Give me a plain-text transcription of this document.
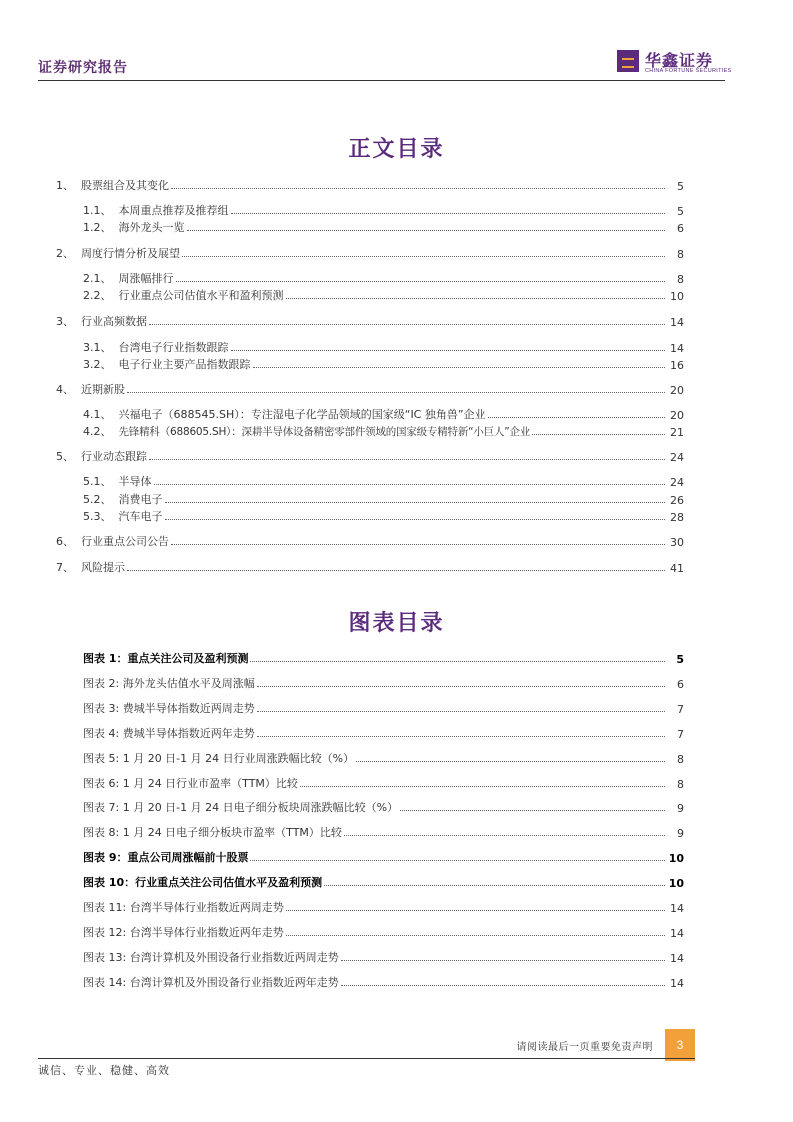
证券研究报告	华鑫证券
CHINA FORTUNE SECURITIES
正文目录
1、 股票组合及其变化	5
1.1、 本周重点推荐及推荐组	5
1.2、 海外龙头一览	6
2、 周度行情分析及展望	8
2.1、 周涨幅排行	8
2.2、 行业重点公司估值水平和盈利预测	10
3、 行业高频数据	14
3.1、 台湾电子行业指数跟踪	14
3.2、 电子行业主要产品指数跟踪	16
4、 近期新股	20
4.1、 兴福电子（688545.SH）：专注湿电子化学品领域的国家级“IC 独角兽”企业	20
4.2、 先锋精科（688605.SH）：深耕半导体设备精密零部件领域的国家级专精特新“小巨人”企业	21
5、 行业动态跟踪	24
5.1、 半导体	24
5.2、 消费电子	26
5.3、 汽车电子	28
6、 行业重点公司公告	30
7、 风险提示	41
图表目录
图表 1：重点关注公司及盈利预测	5
图表 2: 海外龙头估值水平及周涨幅	6
图表 3: 费城半导体指数近两周走势	7
图表 4: 费城半导体指数近两年走势	7
图表 5: 1 月 20 日-1 月 24 日行业周涨跌幅比较（%）	8
图表 6: 1 月 24 日行业市盈率（TTM）比较	8
图表 7: 1 月 20 日-1 月 24 日电子细分板块周涨跌幅比较（%）	9
图表 8: 1 月 24 日电子细分板块市盈率（TTM）比较	9
图表 9：重点公司周涨幅前十股票	10
图表 10：行业重点关注公司估值水平及盈利预测	10
图表 11: 台湾半导体行业指数近两周走势	14
图表 12: 台湾半导体行业指数近两年走势	14
图表 13: 台湾计算机及外围设备行业指数近两周走势	14
图表 14: 台湾计算机及外围设备行业指数近两年走势	14
请阅读最后一页重要免责声明	3
诚信、专业、稳健、高效
